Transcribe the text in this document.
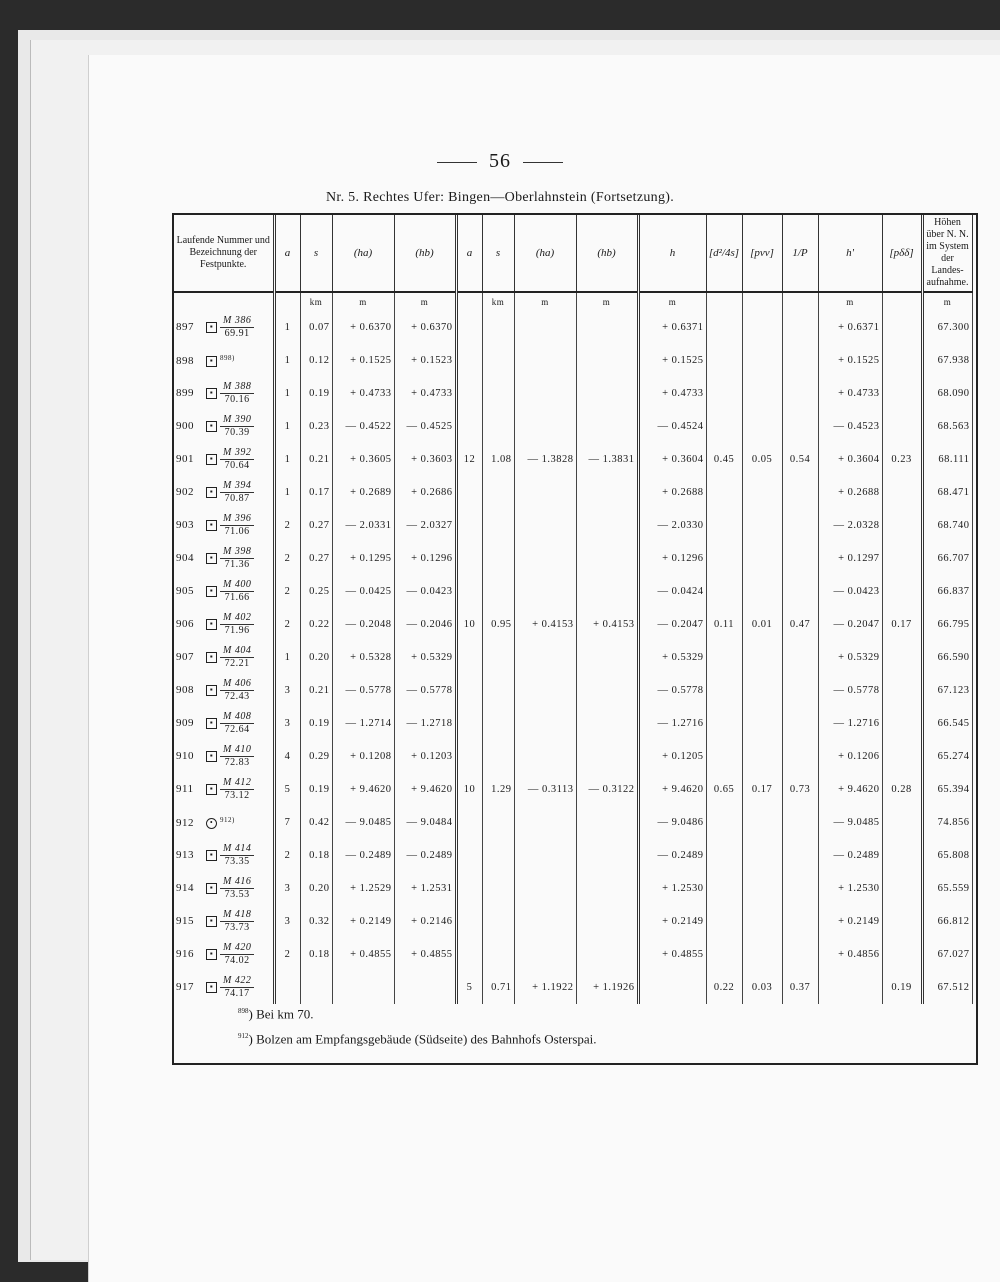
56
Nr. 5. Rechtes Ufer: Bingen—Oberlahnstein (Fortsetzung).
Laufende Nummer und Bezeichnung der Festpunkte.	a	s	(ha)	(hb)	a	s	(ha)	(hb)	h	[d²/4s]	[pvv]	1/P	h'	[pδδ]	Höhen über N. N. im System der Landes-aufnahme.
		km	m	m		km	m	m	m				m		m
897 ▪ $\frac{M 386}{69.91}$	1	0.07	+ 0.6370	+ 0.6370					+ 0.6371				+ 0.6371		67.300
898 ▪ $^{898)}$	1	0.12	+ 0.1525	+ 0.1523					+ 0.1525				+ 0.1525		67.938
899 ▪ $\frac{M 388}{70.16}$	1	0.19	+ 0.4733	+ 0.4733					+ 0.4733				+ 0.4733		68.090
900 ▪ $\frac{M 390}{70.39}$	1	0.23	— 0.4522	— 0.4525					— 0.4524				— 0.4523		68.563
901 ▪ $\frac{M 392}{70.64}$	1	0.21	+ 0.3605	+ 0.3603	12	1.08	— 1.3828	— 1.3831	+ 0.3604	0.45	0.05	0.54	+ 0.3604	0.23	68.111
902 ▪ $\frac{M 394}{70.87}$	1	0.17	+ 0.2689	+ 0.2686					+ 0.2688				+ 0.2688		68.471
903 ▪ $\frac{M 396}{71.06}$	2	0.27	— 2.0331	— 2.0327					— 2.0330				— 2.0328		68.740
904 ▪ $\frac{M 398}{71.36}$	2	0.27	+ 0.1295	+ 0.1296					+ 0.1296				+ 0.1297		66.707
905 ▪ $\frac{M 400}{71.66}$	2	0.25	— 0.0425	— 0.0423					— 0.0424				— 0.0423		66.837
906 ▪ $\frac{M 402}{71.96}$	2	0.22	— 0.2048	— 0.2046	10	0.95	+ 0.4153	+ 0.4153	— 0.2047	0.11	0.01	0.47	— 0.2047	0.17	66.795
907 ▪ $\frac{M 404}{72.21}$	1	0.20	+ 0.5328	+ 0.5329					+ 0.5329				+ 0.5329		66.590
908 ▪ $\frac{M 406}{72.43}$	3	0.21	— 0.5778	— 0.5778					— 0.5778				— 0.5778		67.123
909 ▪ $\frac{M 408}{72.64}$	3	0.19	— 1.2714	— 1.2718					— 1.2716				— 1.2716		66.545
910 ▪ $\frac{M 410}{72.83}$	4	0.29	+ 0.1208	+ 0.1203					+ 0.1205				+ 0.1206		65.274
911 ▪ $\frac{M 412}{73.12}$	5	0.19	+ 9.4620	+ 9.4620	10	1.29	— 0.3113	— 0.3122	+ 9.4620	0.65	0.17	0.73	+ 9.4620	0.28	65.394
912 • $^{912)}$	7	0.42	— 9.0485	— 9.0484					— 9.0486				— 9.0485		74.856
913 ▪ $\frac{M 414}{73.35}$	2	0.18	— 0.2489	— 0.2489					— 0.2489				— 0.2489		65.808
914 ▪ $\frac{M 416}{73.53}$	3	0.20	+ 1.2529	+ 1.2531					+ 1.2530				+ 1.2530		65.559
915 ▪ $\frac{M 418}{73.73}$	3	0.32	+ 0.2149	+ 0.2146					+ 0.2149				+ 0.2149		66.812
916 ▪ $\frac{M 420}{74.02}$	2	0.18	+ 0.4855	+ 0.4855					+ 0.4855				+ 0.4856		67.027
917 ▪ $\frac{M 422}{74.17}$					5	0.71	+ 1.1922	+ 1.1926		0.22	0.03	0.37		0.19	67.512
$^{898}$) Bei km 70.
$^{912}$) Bolzen am Empfangsgebäude (Südseite) des Bahnhofs Osterspai.
